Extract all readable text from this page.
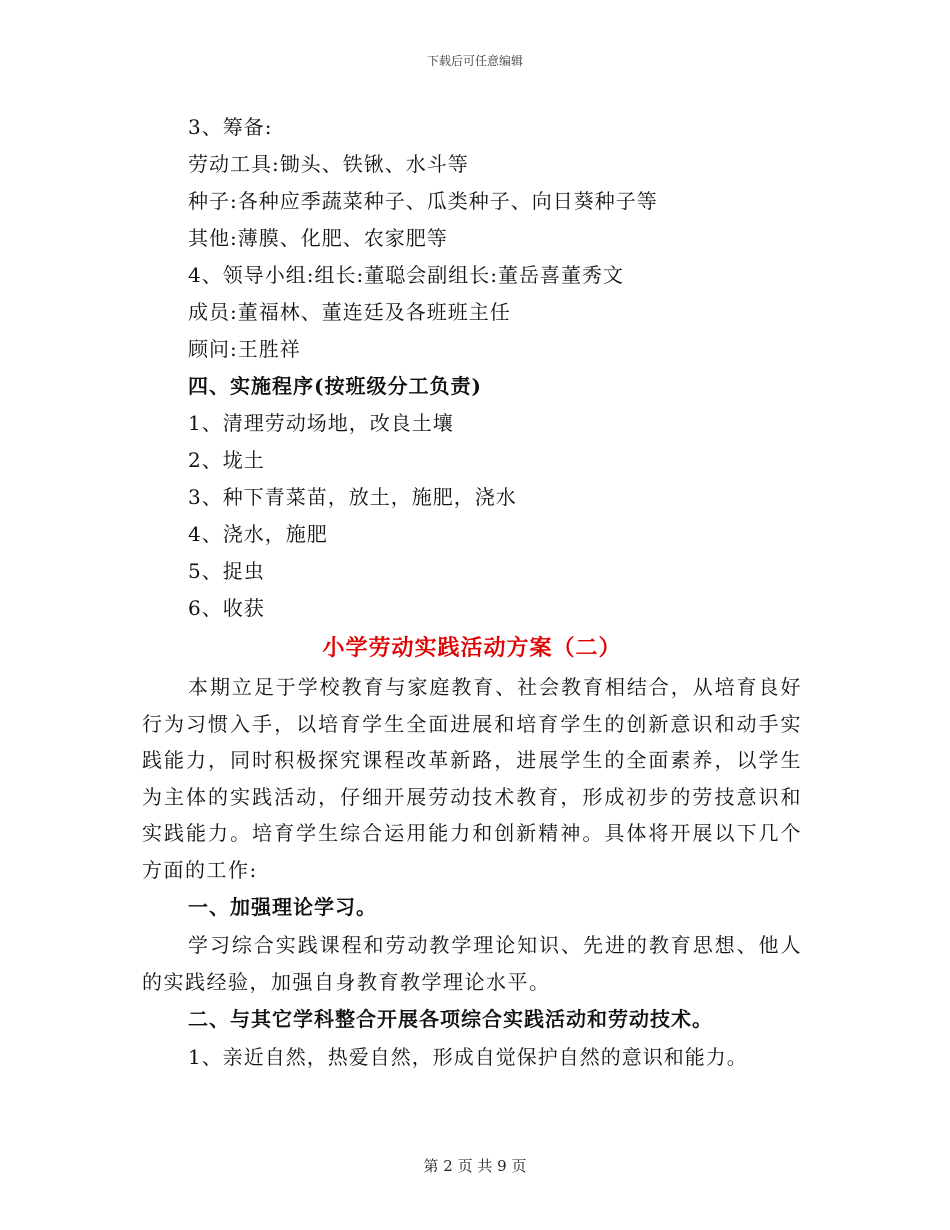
下载后可任意编辑
3、筹备:
劳动工具:锄头、铁锹、水斗等
种子:各种应季蔬菜种子、瓜类种子、向日葵种子等
其他:薄膜、化肥、农家肥等
4、领导小组:组长:董聪会副组长:董岳喜董秀文
成员:董福林、董连廷及各班班主任
顾问:王胜祥
四、实施程序(按班级分工负责)
1、清理劳动场地，改良土壤
2、垅土
3、种下青菜苗，放土，施肥，浇水
4、浇水，施肥
5、捉虫
6、收获
小学劳动实践活动方案（二）

本期立足于学校教育与家庭教育、社会教育相结合，从培育良好行为习惯入手，以培育学生全面进展和培育学生的创新意识和动手实践能力，同时积极探究课程改革新路，进展学生的全面素养，以学生为主体的实践活动，仔细开展劳动技术教育，形成初步的劳技意识和实践能力。培育学生综合运用能力和创新精神。具体将开展以下几个方面的工作:

一、加强理论学习。

学习综合实践课程和劳动教学理论知识、先进的教育思想、他人的实践经验，加强自身教育教学理论水平。

二、与其它学科整合开展各项综合实践活动和劳动技术。
1、亲近自然，热爱自然，形成自觉保护自然的意识和能力。
第 2 页 共 9 页
